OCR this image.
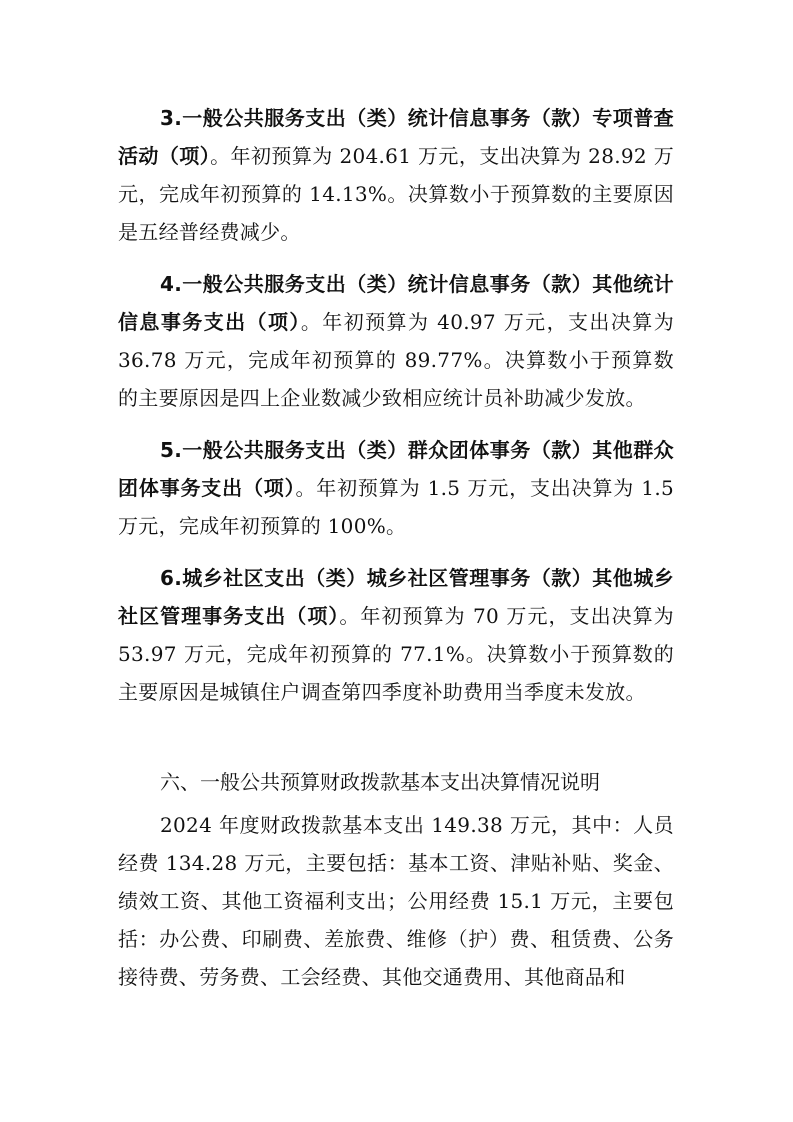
3.一般公共服务支出（类）统计信息事务（款）专项普查活动（项）。年初预算为 204.61 万元，支出决算为 28.92 万元，完成年初预算的 14.13%。决算数小于预算数的主要原因是五经普经费减少。

4.一般公共服务支出（类）统计信息事务（款）其他统计信息事务支出（项）。年初预算为 40.97 万元，支出决算为 36.78 万元，完成年初预算的 89.77%。决算数小于预算数的主要原因是四上企业数减少致相应统计员补助减少发放。

5.一般公共服务支出（类）群众团体事务（款）其他群众团体事务支出（项）。年初预算为 1.5 万元，支出决算为 1.5 万元，完成年初预算的 100%。

6.城乡社区支出（类）城乡社区管理事务（款）其他城乡社区管理事务支出（项）。年初预算为 70 万元，支出决算为 53.97 万元，完成年初预算的 77.1%。决算数小于预算数的主要原因是城镇住户调查第四季度补助费用当季度未发放。

六、一般公共预算财政拨款基本支出决算情况说明

2024 年度财政拨款基本支出 149.38 万元，其中：人员经费 134.28 万元，主要包括：基本工资、津贴补贴、奖金、绩效工资、其他工资福利支出；公用经费 15.1 万元，主要包括：办公费、印刷费、差旅费、维修（护）费、租赁费、公务接待费、劳务费、工会经费、其他交通费用、其他商品和
